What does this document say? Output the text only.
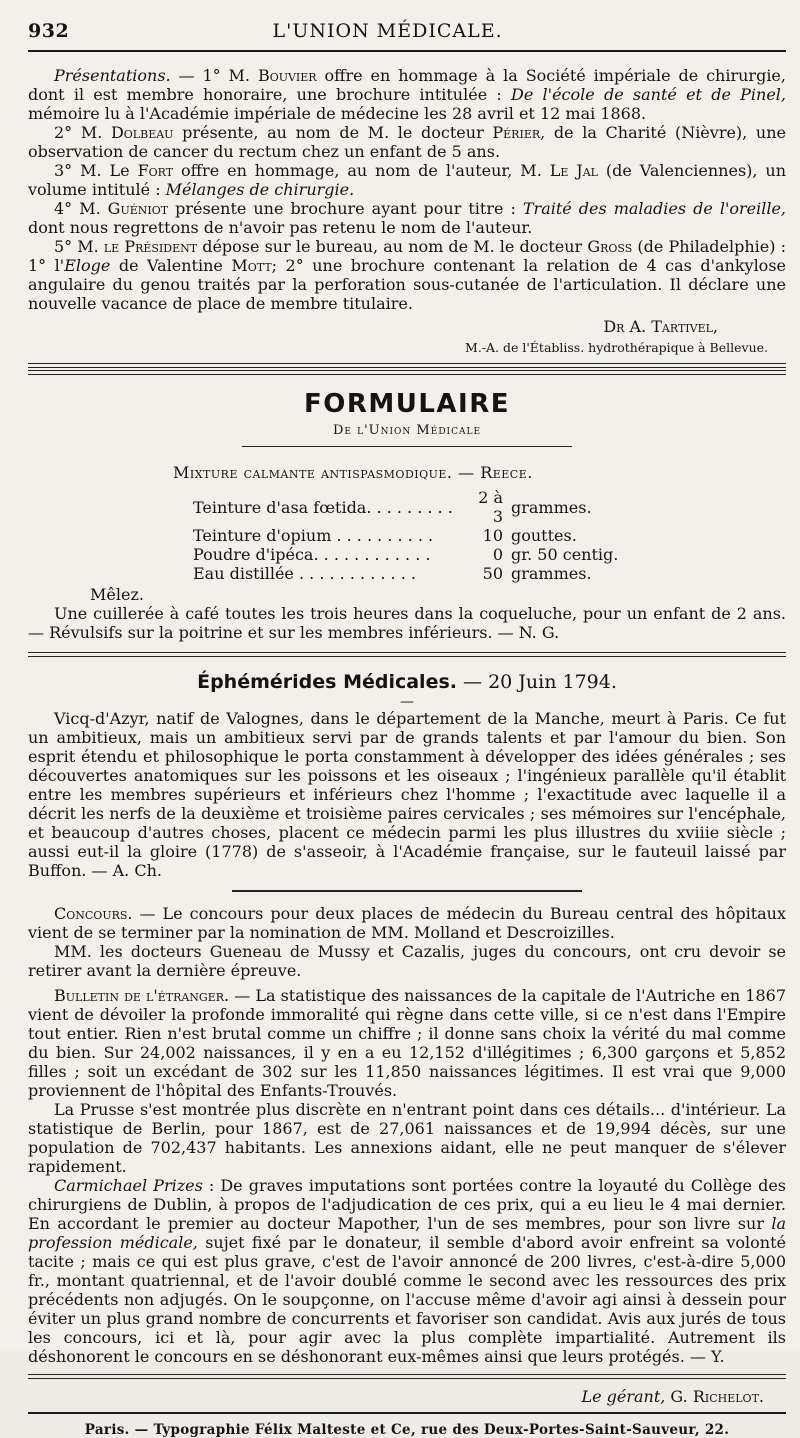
932	L'UNION MÉDICALE.

Présentations. — 1° M. Bouvier offre en hommage à la Société impériale de chirurgie, dont il est membre honoraire, une brochure intitulée : De l'école de santé et de Pinel, mémoire lu à l'Académie impériale de médecine les 28 avril et 12 mai 1868.

2° M. Dolbeau présente, au nom de M. le docteur Périer, de la Charité (Nièvre), une observation de cancer du rectum chez un enfant de 5 ans.

3° M. Le Fort offre en hommage, au nom de l'auteur, M. Le Jal (de Valenciennes), un volume intitulé : Mélanges de chirurgie.

4° M. Guéniot présente une brochure ayant pour titre : Traité des maladies de l'oreille, dont nous regrettons de n'avoir pas retenu le nom de l'auteur.

5° M. le Président dépose sur le bureau, au nom de M. le docteur Gross (de Philadelphie) : 1° l'Eloge de Valentine Mott; 2° une brochure contenant la relation de 4 cas d'ankylose angulaire du genou traités par la perforation sous-cutanée de l'articulation. Il déclare une nouvelle vacance de place de membre titulaire.

Dr A. Tartivel,
M.-A. de l'Établiss. hydrothérapique à Bellevue.
FORMULAIRE
De l'Union Médicale
Mixture calmante antispasmodique. — Reece.
Teinture d'asa fœtida. . . . . . . . .	2 à 3	grammes.
Teinture d'opium . . . . . . . . . .	10	gouttes.
Poudre d'ipéca. . . . . . . . . . . .	0	gr. 50 centig.
Eau distillée . . . . . . . . . . . .	50	grammes.

Mêlez.

Une cuillerée à café toutes les trois heures dans la coqueluche, pour un enfant de 2 ans. — Révulsifs sur la poitrine et sur les membres inférieurs. — N. G.

Éphémérides Médicales. — 20 Juin 1794.
—

Vicq-d'Azyr, natif de Valognes, dans le département de la Manche, meurt à Paris. Ce fut un ambitieux, mais un ambitieux servi par de grands talents et par l'amour du bien. Son esprit étendu et philosophique le porta constamment à développer des idées générales ; ses découvertes anatomiques sur les poissons et les oiseaux ; l'ingénieux parallèle qu'il établit entre les membres supérieurs et inférieurs chez l'homme ; l'exactitude avec laquelle il a décrit les nerfs de la deuxième et troisième paires cervicales ; ses mémoires sur l'encéphale, et beaucoup d'autres choses, placent ce médecin parmi les plus illustres du xviiie siècle ; aussi eut-il la gloire (1778) de s'asseoir, à l'Académie française, sur le fauteuil laissé par Buffon. — A. Ch.

Concours. — Le concours pour deux places de médecin du Bureau central des hôpitaux vient de se terminer par la nomination de MM. Molland et Descroizilles.

MM. les docteurs Gueneau de Mussy et Cazalis, juges du concours, ont cru devoir se retirer avant la dernière épreuve.

Bulletin de l'étranger. — La statistique des naissances de la capitale de l'Autriche en 1867 vient de dévoiler la profonde immoralité qui règne dans cette ville, si ce n'est dans l'Empire tout entier. Rien n'est brutal comme un chiffre ; il donne sans choix la vérité du mal comme du bien. Sur 24,002 naissances, il y en a eu 12,152 d'illégitimes ; 6,300 garçons et 5,852 filles ; soit un excédant de 302 sur les 11,850 naissances légitimes. Il est vrai que 9,000 proviennent de l'hôpital des Enfants-Trouvés.

La Prusse s'est montrée plus discrète en n'entrant point dans ces détails... d'intérieur. La statistique de Berlin, pour 1867, est de 27,061 naissances et de 19,994 décès, sur une population de 702,437 habitants. Les annexions aidant, elle ne peut manquer de s'élever rapidement.

Carmichael Prizes : De graves imputations sont portées contre la loyauté du Collège des chirurgiens de Dublin, à propos de l'adjudication de ces prix, qui a eu lieu le 4 mai dernier. En accordant le premier au docteur Mapother, l'un de ses membres, pour son livre sur la profession médicale, sujet fixé par le donateur, il semble d'abord avoir enfreint sa volonté tacite ; mais ce qui est plus grave, c'est de l'avoir annoncé de 200 livres, c'est-à-dire 5,000 fr., montant quatriennal, et de l'avoir doublé comme le second avec les ressources des prix précédents non adjugés. On le soupçonne, on l'accuse même d'avoir agi ainsi à dessein pour éviter un plus grand nombre de concurrents et favoriser son candidat. Avis aux jurés de tous les concours, ici et là, pour agir avec la plus complète impartialité. Autrement ils déshonorent le concours en se déshonorant eux-mêmes ainsi que leurs protégés. — Y.

Le gérant, G. Richelot.
Paris. — Typographie Félix Malteste et Ce, rue des Deux-Portes-Saint-Sauveur, 22.
